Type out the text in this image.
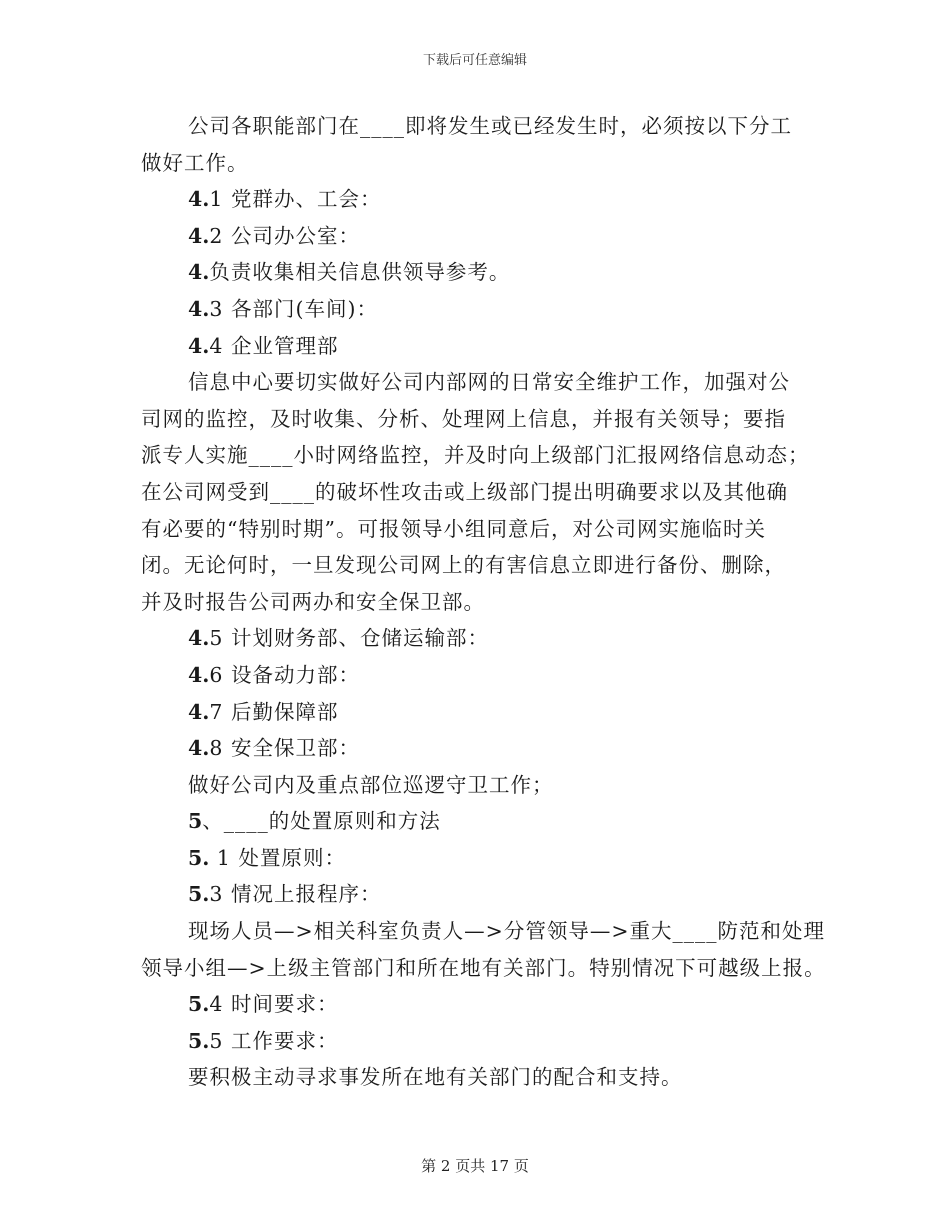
下载后可任意编辑
公司各职能部门在____即将发生或已经发生时，必须按以下分工
做好工作。
4.1 党群办、工会：
4.2 公司办公室：
4.负责收集相关信息供领导参考。
4.3 各部门(车间)：
4.4 企业管理部
信息中心要切实做好公司内部网的日常安全维护工作，加强对公
司网的监控，及时收集、分析、处理网上信息，并报有关领导；要指
派专人实施____小时网络监控，并及时向上级部门汇报网络信息动态；
在公司网受到____的破坏性攻击或上级部门提出明确要求以及其他确
有必要的“特别时期”。可报领导小组同意后，对公司网实施临时关
闭。无论何时，一旦发现公司网上的有害信息立即进行备份、删除，
并及时报告公司两办和安全保卫部。
4.5 计划财务部、仓储运输部：
4.6 设备动力部：
4.7 后勤保障部
4.8 安全保卫部：
做好公司内及重点部位巡逻守卫工作；
5、____的处置原则和方法
5. 1 处置原则：
5.3 情况上报程序：
现场人员—>相关科室负责人—>分管领导—>重大____防范和处理
领导小组—>上级主管部门和所在地有关部门。特别情况下可越级上报。
5.4 时间要求：
5.5 工作要求：
要积极主动寻求事发所在地有关部门的配合和支持。
第 2 页共 17 页
